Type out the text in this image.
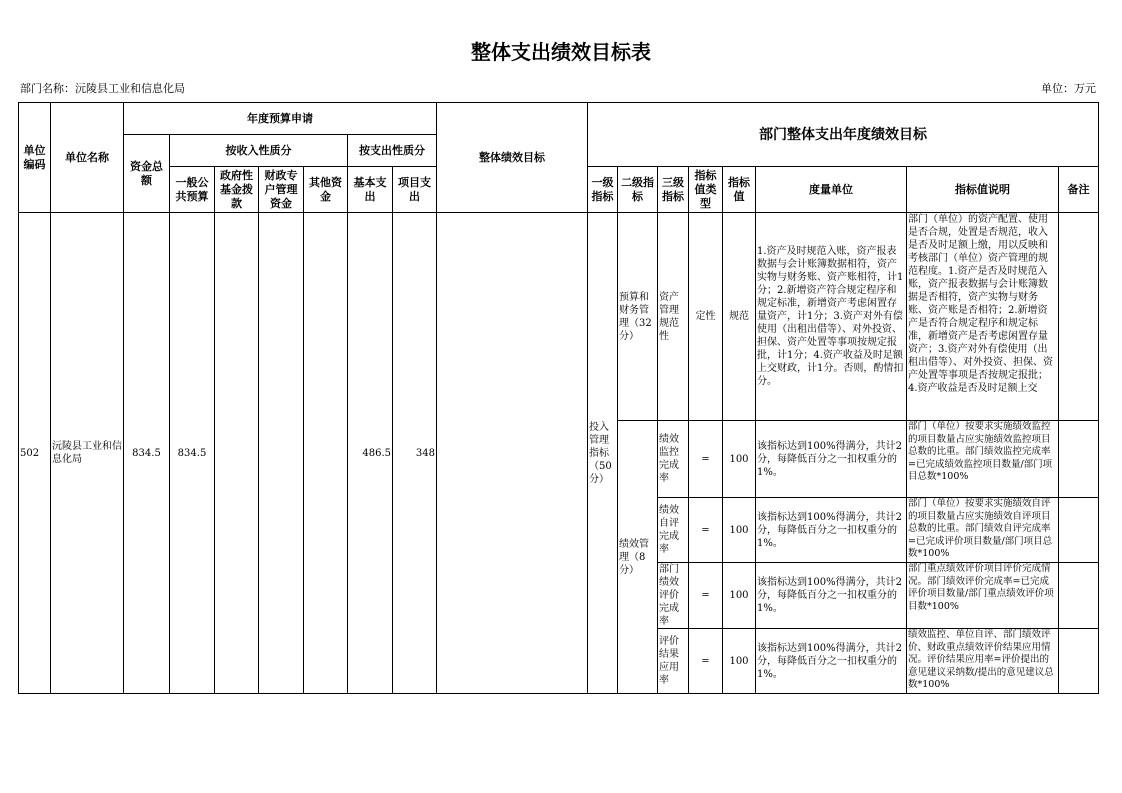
整体支出绩效目标表
部门名称：沅陵县工业和信息化局	单位：万元
单位编码	单位名称	年度预算申请							整体绩效目标	部门整体支出年度绩效目标							
		资金总额	按收入性质分				按支出性质分										
			一般公共预算	政府性基金拨款	财政专户管理资金	其他资金	基本支出	项目支出		一级指标	二级指标	三级指标	指标值类型	指标值	度量单位	指标值说明	备注
502	沅陵县工业和信息化局	834.5	834.5				486.5	348		投入管理指标（50分）	预算和财务管理（32分）	资产管理规范性	定性	规范	1.资产及时规范入账，资产报表数据与会计账簿数据相符，资产实物与财务账、资产账相符，计1分；2.新增资产符合规定程序和规定标准，新增资产考虑闲置存量资产，计1分；3.资产对外有偿使用（出租出借等）、对外投资、担保、资产处置等事项按规定报批，计1分；4.资产收益及时足额上交财政，计1分。否则，酌情扣分。	部门（单位）的资产配置、使用是否合规，处置是否规范，收入是否及时足额上缴，用以反映和考核部门（单位）资产管理的规范程度。1.资产是否及时规范入账，资产报表数据与会计账簿数据是否相符，资产实物与财务账、资产账是否相符；2.新增资产是否符合规定程序和规定标准，新增资产是否考虑闲置存量资产；3.资产对外有偿使用（出租出借等）、对外投资、担保、资产处置等事项是否按规定报批；4.资产收益是否及时足额上交	

											绩效管理（8分）	绩效监控完成率	=	100	该指标达到100%得满分，共计2分，每降低百分之一扣权重分的1%。	部门（单位）按要求实施绩效监控的项目数量占应实施绩效监控项目总数的比重。部门绩效监控完成率=已完成绩效监控项目数量/部门项目总数*100%	

												绩效自评完成率	=	100	该指标达到100%得满分，共计2分，每降低百分之一扣权重分的1%。	部门（单位）按要求实施绩效自评的项目数量占应实施绩效自评项目总数的比重。部门绩效自评完成率=已完成评价项目数量/部门项目总数*100%	

												部门绩效评价完成率	=	100	该指标达到100%得满分，共计2分，每降低百分之一扣权重分的1%。	部门重点绩效评价项目评价完成情况。部门绩效评价完成率=已完成评价项目数量/部门重点绩效评价项目数*100%	

												评价结果应用率	=	100	该指标达到100%得满分，共计2分，每降低百分之一扣权重分的1%。	绩效监控、单位自评、部门绩效评价、财政重点绩效评价结果应用情况。评价结果应用率=评价提出的意见建议采纳数/提出的意见建议总数*100%	
